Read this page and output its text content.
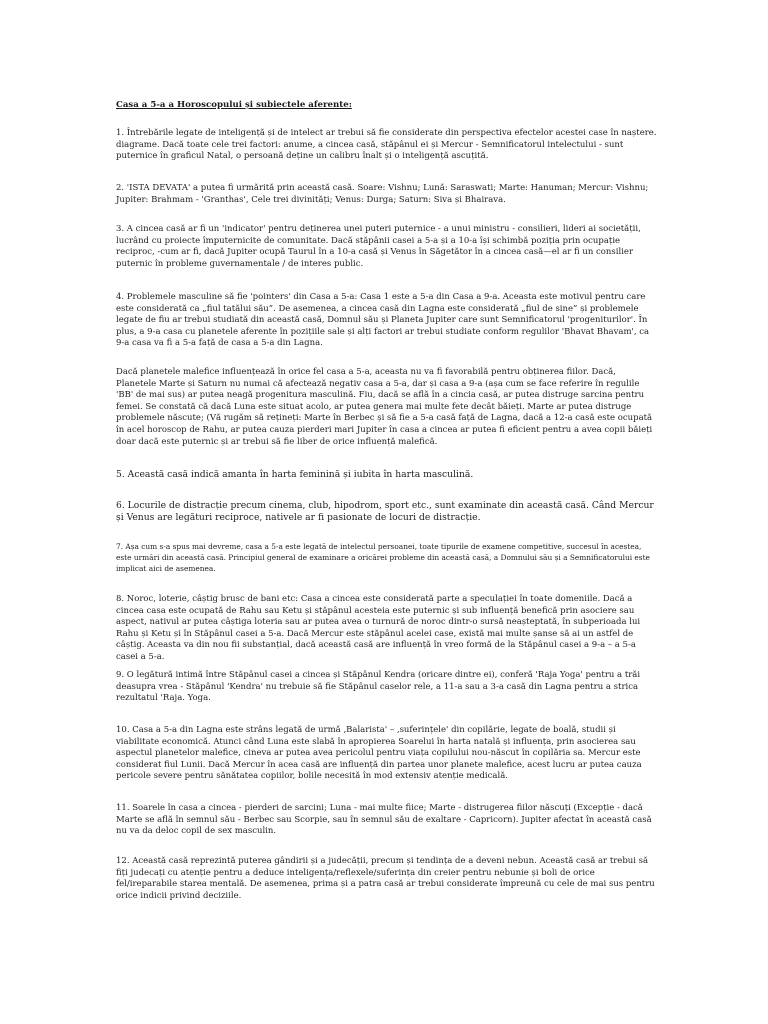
Casa a 5-a a Horoscopului și subiectele aferente:
1. Întrebările legate de inteligență și de intelect ar trebui să fie considerate din perspectiva efectelor acestei case în naștere. diagrame. Dacă toate cele trei factori: anume, a cincea casă, stăpânul ei și Mercur - Semnificatorul intelectului - sunt puternice în graficul Natal, o persoană deține un calibru înalt și o inteligență ascuțită.
2. 'ISTA DEVATA' a putea fi urmărită prin această casă. Soare: Vishnu; Lună: Saraswati; Marte: Hanuman; Mercur: Vishnu; Jupiter: Brahmam - 'Granthas', Cele trei divinități; Venus: Durga; Saturn: Siva și Bhairava.
3. A cincea casă ar fi un 'indicator' pentru deținerea unei puteri puternice - a unui ministru - consilieri, lideri ai societății, lucrând cu proiecte împuternicite de comunitate. Dacă stăpânii casei a 5-a și a 10-a își schimbă poziția prin ocupație reciproc, -cum ar fi, dacă Jupiter ocupă Taurul în a 10-a casă și Venus în Săgetător în a cincea casă—el ar fi un consilier puternic în probleme guvernamentale / de interes public.
4. Problemele masculine să fie 'pointers' din Casa a 5-a: Casa 1 este a 5-a din Casa a 9-a. Aceasta este motivul pentru care este considerată ca „fiul tatălui său”. De asemenea, a cincea casă din Lagna este considerată „fiul de sine” și problemele legate de fiu ar trebui studiată din această casă, Domnul său și Planeta Jupiter care sunt Semnificatorul 'progeniturilor'. În plus, a 9-a casa cu planetele aferente în pozițiile sale și alți factori ar trebui studiate conform regulilor 'Bhavat Bhavam', ca 9-a casa va fi a 5-a față de casa a 5-a din Lagna.
Dacă planetele malefice influențează în orice fel casa a 5-a, aceasta nu va fi favorabilă pentru obținerea fiilor. Dacă, Planetele Marte și Saturn nu numai că afectează negativ casa a 5-a, dar și casa a 9-a (așa cum se face referire în regulile 'BB' de mai sus) ar putea neagă progenitura masculină. Fiu, dacă se află în a cincia casă, ar putea distruge sarcina pentru femei. Se constată că dacă Luna este situat acolo, ar putea genera mai multe fete decât băieți. Marte ar putea distruge problemele născute; (Vă rugăm să rețineți: Marte în Berbec și să fie a 5-a casă față de Lagna, dacă a 12-a casă este ocupată în acel horoscop de Rahu, ar putea cauza pierderi mari Jupiter în casa a cincea ar putea fi eficient pentru a avea copii băieți doar dacă este puternic și ar trebui să fie liber de orice influență malefică.
5. Această casă indică amanta în harta feminină și iubita în harta masculină.
6. Locurile de distracție precum cinema, club, hipodrom, sport etc., sunt examinate din această casă. Când Mercur și Venus are legături reciproce, nativele ar fi pasionate de locuri de distracție.
7. Așa cum s-a spus mai devreme, casa a 5-a este legată de intelectul persoanei, toate tipurile de examene competitive, succesul în acestea, este urmări din această casă. Principiul general de examinare a oricărei probleme din această casă, a Domnului său și a Semnificatorului este implicat aici de asemenea.
8. Noroc, loterie, câștig brusc de bani etc: Casa a cincea este considerată parte a speculației în toate domeniile. Dacă a cincea casa este ocupată de Rahu sau Ketu și stăpânul acesteia este puternic și sub influență benefică prin asociere sau aspect, nativul ar putea câștiga loteria sau ar putea avea o turnură de noroc dintr-o sursă neașteptată, în subperioada lui Rahu și Ketu și în Stăpânul casei a 5-a. Dacă Mercur este stăpânul acelei case, există mai multe șanse să ai un astfel de câștig. Aceasta va din nou fii substanțial, dacă această casă are influență în vreo formă de la Stăpânul casei a 9-a – a 5-a casei a 5-a.
9. O legătură intimă între Stăpânul casei a cincea și Stăpânul Kendra (oricare dintre ei), conferă 'Raja Yoga' pentru a trăi deasupra vrea - Stăpânul 'Kendra' nu trebuie să fie Stăpânul caselor rele, a 11-a sau a 3-a casă din Lagna pentru a strica rezultatul 'Raja. Yoga.
10. Casa a 5-a din Lagna este strâns legată de urmă ‚Balarista' – ‚suferințele' din copilărie, legate de boală, studii și viabilitate economică. Atunci când Luna este slabă în apropierea Soarelui în harta natală și influența, prin asocierea sau aspectul planetelor malefice, cineva ar putea avea pericolul pentru viața copilului nou-născut în copilăria sa. Mercur este considerat fiul Lunii. Dacă Mercur în acea casă are influență din partea unor planete malefice, acest lucru ar putea cauza pericole severe pentru sănătatea copiilor, bolile necesită în mod extensiv atenție medicală.
11. Soarele în casa a cincea - pierderi de sarcini; Luna - mai multe fiice; Marte - distrugerea fiilor născuți (Excepție - dacă Marte se află în semnul său - Berbec sau Scorpie, sau în semnul său de exaltare - Capricorn). Jupiter afectat în această casă nu va da deloc copil de sex masculin.
12. Această casă reprezintă puterea gândirii și a judecății, precum și tendința de a deveni nebun. Această casă ar trebui să fiți judecați cu atenție pentru a deduce inteligența/reflexele/suferința din creier pentru nebunie și boli de orice fel/ireparabile starea mentală. De asemenea, prima și a patra casă ar trebui considerate împreună cu cele de mai sus pentru orice indicii privind deciziile.
